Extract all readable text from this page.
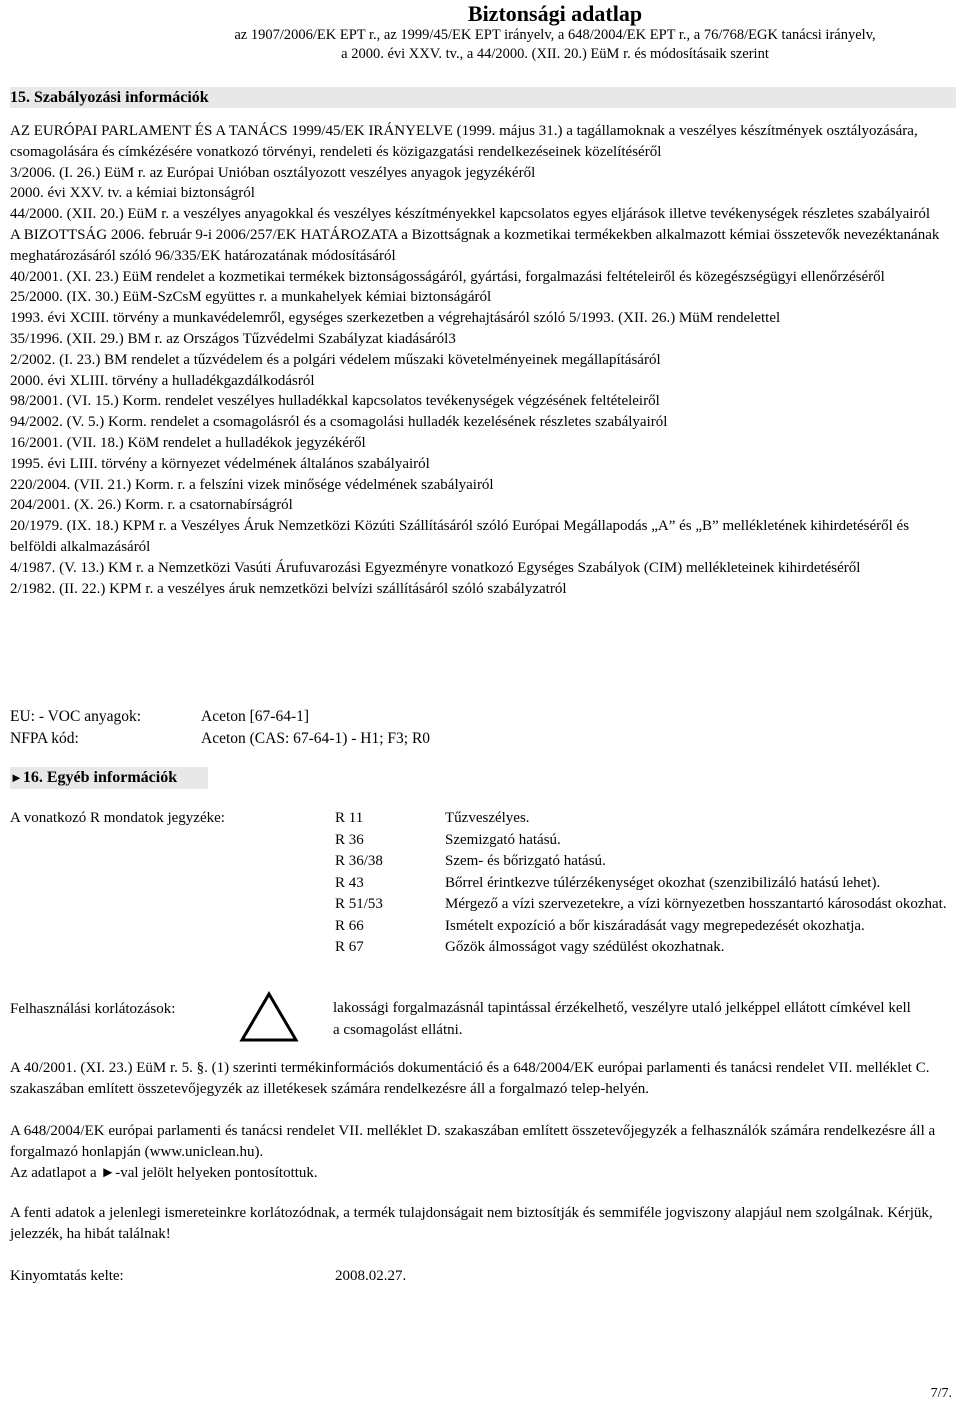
Biztonsági adatlap
az 1907/2006/EK EPT r., az 1999/45/EK EPT irányelv, a 648/2004/EK EPT r., a 76/768/EGK tanácsi irányelv,
a 2000. évi XXV. tv., a 44/2000. (XII. 20.) EüM r. és módosításaik szerint
15. Szabályozási információk
AZ EURÓPAI PARLAMENT ÉS A TANÁCS 1999/45/EK IRÁNYELVE (1999. május 31.) a tagállamoknak a veszélyes készítmények osztályozására, csomagolására és címkézésére vonatkozó törvényi, rendeleti és közigazgatási rendelkezéseinek közelítéséről
3/2006. (I. 26.) EüM r. az Európai Unióban osztályozott veszélyes anyagok jegyzékéről
2000. évi XXV. tv. a kémiai biztonságról
44/2000. (XII. 20.) EüM r. a veszélyes anyagokkal és veszélyes készítményekkel kapcsolatos egyes eljárások illetve tevékenységek részletes szabályairól
A BIZOTTSÁG 2006. február 9-i 2006/257/EK HATÁROZATA a Bizottságnak a kozmetikai termékekben alkalmazott kémiai összetevők nevezéktanának meghatározásáról szóló 96/335/EK határozatának módosításáról
40/2001. (XI. 23.) EüM rendelet a kozmetikai termékek biztonságosságáról, gyártási, forgalmazási feltételeiről és közegészségügyi ellenőrzéséről
25/2000. (IX. 30.) EüM-SzCsM együttes r. a munkahelyek kémiai biztonságáról
1993. évi XCIII. törvény a munkavédelemről, egységes szerkezetben a végrehajtásáról szóló 5/1993. (XII. 26.) MüM rendelettel
35/1996. (XII. 29.) BM r. az Országos Tűzvédelmi Szabályzat kiadásáról3
2/2002. (I. 23.) BM rendelet a tűzvédelem és a polgári védelem műszaki követelményeinek megállapításáról
2000. évi XLIII. törvény a hulladékgazdálkodásról
98/2001. (VI. 15.) Korm. rendelet veszélyes hulladékkal kapcsolatos tevékenységek végzésének feltételeiről
94/2002. (V. 5.) Korm. rendelet a csomagolásról és a csomagolási hulladék kezelésének részletes szabályairól
16/2001. (VII. 18.) KöM rendelet a hulladékok jegyzékéről
1995. évi LIII. törvény a környezet védelmének általános szabályairól
220/2004. (VII. 21.) Korm. r. a felszíni vizek minősége védelmének szabályairól
204/2001. (X. 26.) Korm. r. a csatornabírságról
20/1979. (IX. 18.) KPM r. a Veszélyes Áruk Nemzetközi Közúti Szállításáról szóló Európai Megállapodás „A” és „B” mellékletének kihirdetéséről és belföldi alkalmazásáról
4/1987. (V. 13.) KM r. a Nemzetközi Vasúti Árufuvarozási Egyezményre vonatkozó Egységes Szabályok (CIM) mellékleteinek kihirdetéséről
2/1982. (II. 22.) KPM r. a veszélyes áruk nemzetközi belvízi szállításáról szóló szabályzatról
EU: - VOC anyagok:	Aceton [67-64-1]
NFPA kód:	Aceton (CAS: 67-64-1) - H1; F3; R0
►16. Egyéb információk
A vonatkozó R mondatok jegyzéke:	R 11	Tűzveszélyes.
R 36	Szemizgató hatású.
R 36/38	Szem- és bőrizgató hatású.
R 43	Bőrrel érintkezve túlérzékenységet okozhat (szenzibilizáló hatású lehet).
R 51/53	Mérgező a vízi szervezetekre, a vízi környezetben hosszantartó károsodást okozhat.
R 66	Ismételt expozíció a bőr kiszáradását vagy megrepedezését okozhatja.
R 67	Gőzök álmosságot vagy szédülést okozhatnak.
Felhasználási korlátozások:	lakossági forgalmazásnál tapintással érzékelhető, veszélyre utaló jelképpel ellátott címkével kell a csomagolást ellátni.
A 40/2001. (XI. 23.) EüM r. 5. §. (1) szerinti termékinformációs dokumentáció és a 648/2004/EK európai parlamenti és tanácsi rendelet VII. melléklet C. szakaszában említett összetevőjegyzék az illetékesek számára rendelkezésre áll a forgalmazó telep-helyén.
A 648/2004/EK európai parlamenti és tanácsi rendelet VII. melléklet D. szakaszában említett összetevőjegyzék a felhasználók számára rendelkezésre áll a forgalmazó honlapján (www.uniclean.hu).
Az adatlapot a ►-val jelölt helyeken pontosítottuk.
A fenti adatok a jelenlegi ismereteinkre korlátozódnak, a termék tulajdonságait nem biztosítják és semmiféle jogviszony alapjául nem szolgálnak. Kérjük, jelezzék, ha hibát találnak!
Kinyomtatás kelte:	2008.02.27.
7/7.
